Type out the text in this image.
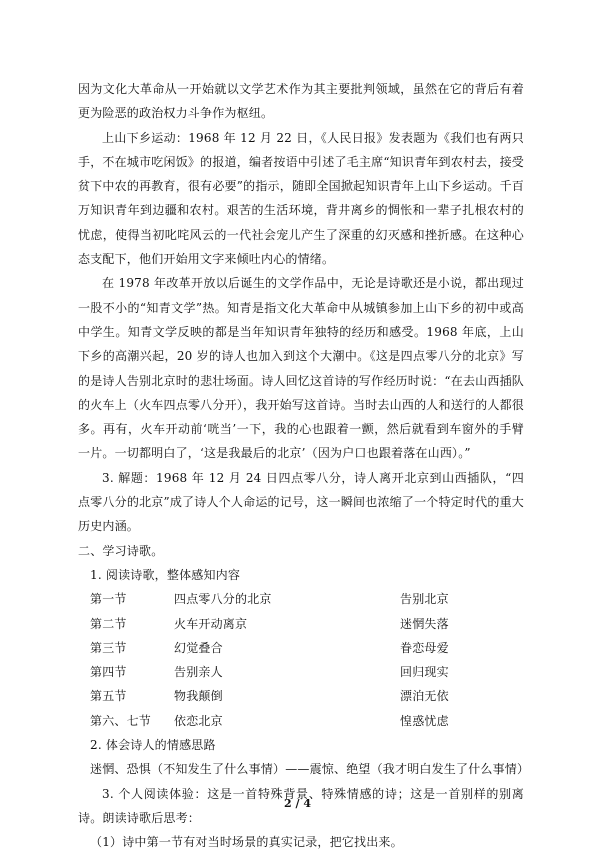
因为文化大革命从一开始就以文学艺术作为其主要批判领域，虽然在它的背后有着更为险恶的政治权力斗争作为枢纽。

上山下乡运动：1968 年 12 月 22 日，《人民日报》发表题为《我们也有两只手，不在城市吃闲饭》的报道，编者按语中引述了毛主席“知识青年到农村去，接受贫下中农的再教育，很有必要”的指示，随即全国掀起知识青年上山下乡运动。千百万知识青年到边疆和农村。艰苦的生活环境，背井离乡的惆怅和一辈子扎根农村的忧虑，使得当初叱咤风云的一代社会宠儿产生了深重的幻灭感和挫折感。在这种心态支配下，他们开始用文字来倾吐内心的情绪。

在 1978 年改革开放以后诞生的文学作品中，无论是诗歌还是小说，都出现过一股不小的“知青文学”热。知青是指文化大革命中从城镇参加上山下乡的初中或高中学生。知青文学反映的都是当年知识青年独特的经历和感受。1968 年底，上山下乡的高潮兴起，20 岁的诗人也加入到这个大潮中。《这是四点零八分的北京》写的是诗人告别北京时的悲壮场面。诗人回忆这首诗的写作经历时说：“在去山西插队的火车上（火车四点零八分开），我开始写这首诗。当时去山西的人和送行的人都很多。再有，火车开动前‘咣当’一下，我的心也跟着一颤，然后就看到车窗外的手臂一片。一切都明白了，‘这是我最后的北京’（因为户口也跟着落在山西）。”

3. 解题：1968 年 12 月 24 日四点零八分，诗人离开北京到山西插队，“四点零八分的北京”成了诗人个人命运的记号，这一瞬间也浓缩了一个特定时代的重大历史内涵。

二、学习诗歌。

1. 阅读诗歌，整体感知内容

第一节	四点零八分的北京	告别北京
第二节	火车开动离京	迷惘失落
第三节	幻觉叠合	眷恋母爱
第四节	告别亲人	回归现实
第五节	物我颠倒	漂泊无依
第六、七节	依恋北京	惶惑忧虑

2. 体会诗人的情感思路

迷惘、恐惧（不知发生了什么事情）——震惊、绝望（我才明白发生了什么事情）

3. 个人阅读体验：这是一首特殊背景、特殊情感的诗；这是一首别样的别离诗。朗读诗歌后思考：

（1）诗中第一节有对当时场景的真实记录，把它找出来。

2 / 4
